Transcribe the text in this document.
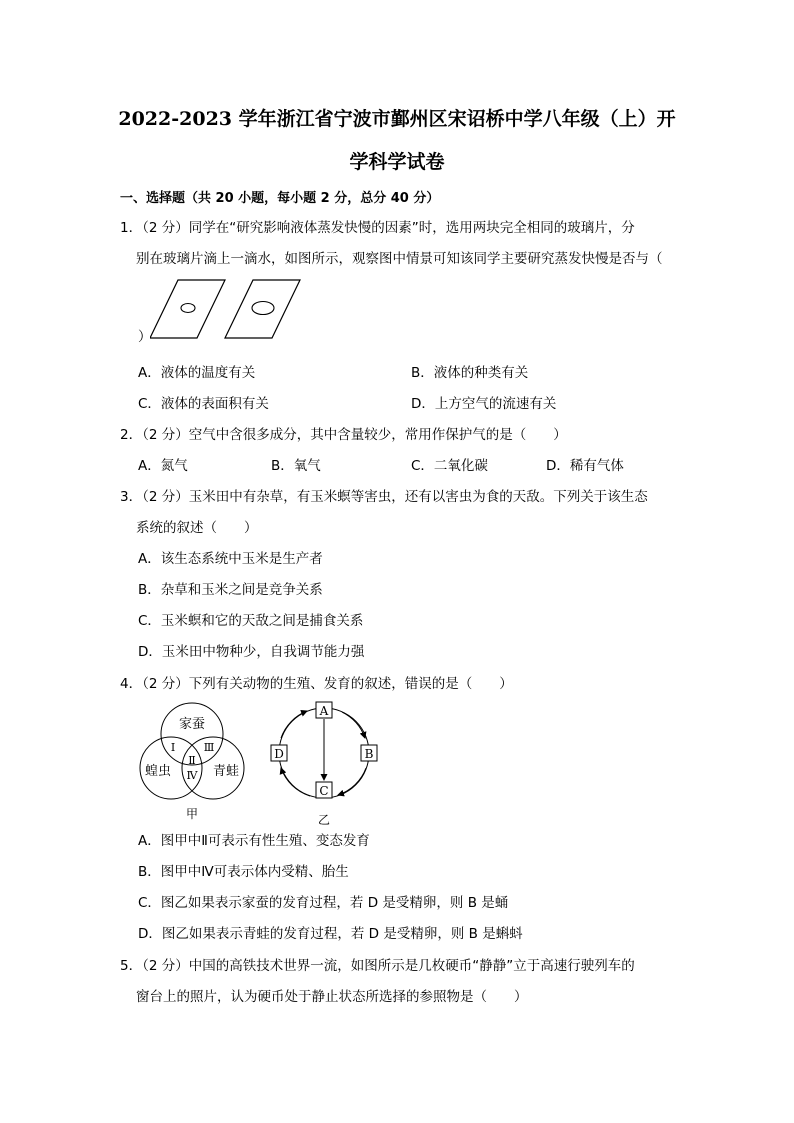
2022-2023 学年浙江省宁波市鄞州区宋诏桥中学八年级（上）开
学科学试卷
一、选择题（共 20 小题，每小题 2 分，总分 40 分）
1．（2 分）同学在“研究影响液体蒸发快慢的因素”时，选用两块完全相同的玻璃片，分
别在玻璃片滴上一滴水，如图所示，观察图中情景可知该同学主要研究蒸发快慢是否与（
）
A．液体的温度有关	B．液体的种类有关
C．液体的表面积有关	D．上方空气的流速有关
2．（2 分）空气中含很多成分，其中含量较少，常用作保护气的是（　　）
A．氮气	B．氧气	C．二氧化碳	D．稀有气体
3．（2 分）玉米田中有杂草，有玉米螟等害虫，还有以害虫为食的天敌。下列关于该生态
系统的叙述（　　）
A．该生态系统中玉米是生产者
B．杂草和玉米之间是竞争关系
C．玉米螟和它的天敌之间是捕食关系
D．玉米田中物种少，自我调节能力强
4．（2 分）下列有关动物的生殖、发育的叙述，错误的是（　　）
家蚕
蝗虫	青蛙
Ⅰ	Ⅲ
Ⅱ
Ⅳ
甲
A
B
C
D
乙
A．图甲中Ⅱ可表示有性生殖、变态发育
B．图甲中Ⅳ可表示体内受精、胎生
C．图乙如果表示家蚕的发育过程，若 D 是受精卵，则 B 是蛹
D．图乙如果表示青蛙的发育过程，若 D 是受精卵，则 B 是蝌蚪
5．（2 分）中国的高铁技术世界一流，如图所示是几枚硬币“静静”立于高速行驶列车的
窗台上的照片，认为硬币处于静止状态所选择的参照物是（　　）
